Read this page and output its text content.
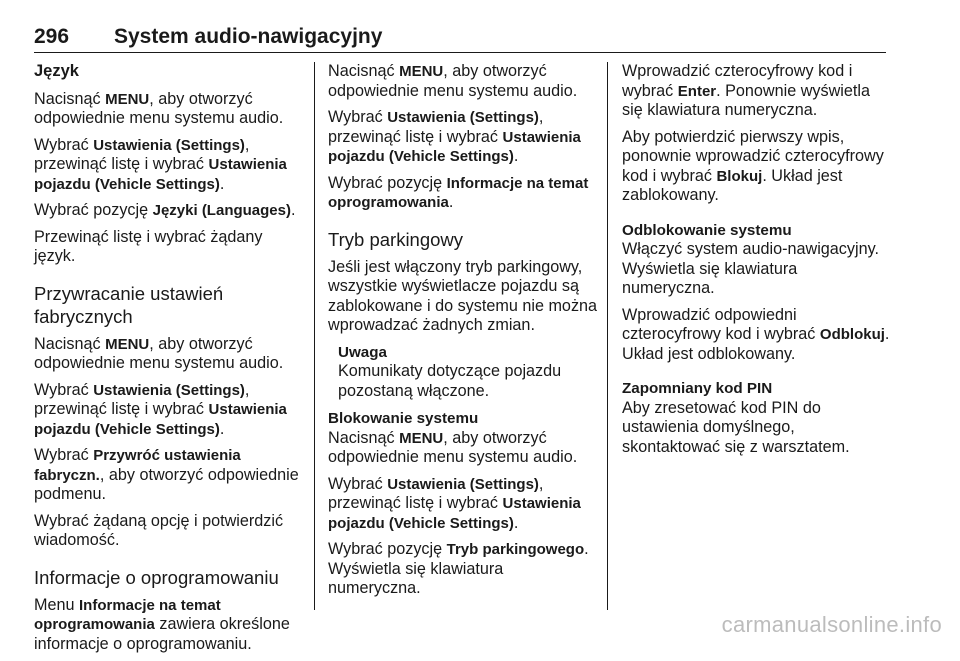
296 System audio-nawigacyjny
Język

Nacisnąć MENU, aby otworzyć odpowiednie menu systemu audio.

Wybrać Ustawienia (Settings), przewinąć listę i wybrać Ustawienia pojazdu (Vehicle Settings).

Wybrać pozycję Języki (Languages).

Przewinąć listę i wybrać żądany język.

Przywracanie ustawień fabrycznych

Nacisnąć MENU, aby otworzyć odpowiednie menu systemu audio.

Wybrać Ustawienia (Settings), przewinąć listę i wybrać Ustawienia pojazdu (Vehicle Settings).

Wybrać Przywróć ustawienia fabryczn., aby otworzyć odpowiednie podmenu.

Wybrać żądaną opcję i potwierdzić wiadomość.

Informacje o oprogramowaniu

Menu Informacje na temat oprogramowania zawiera określone informacje o oprogramowaniu.

Nacisnąć MENU, aby otworzyć odpowiednie menu systemu audio.

Wybrać Ustawienia (Settings), przewinąć listę i wybrać Ustawienia pojazdu (Vehicle Settings).

Wybrać pozycję Informacje na temat oprogramowania.

Tryb parkingowy

Jeśli jest włączony tryb parkingowy, wszystkie wyświetlacze pojazdu są zablokowane i do systemu nie można wprowadzać żadnych zmian.

Uwaga
Komunikaty dotyczące pojazdu pozostaną włączone.
Blokowanie systemu

Nacisnąć MENU, aby otworzyć odpowiednie menu systemu audio.

Wybrać Ustawienia (Settings), przewinąć listę i wybrać Ustawienia pojazdu (Vehicle Settings).

Wybrać pozycję Tryb parkingowego. Wyświetla się klawiatura numeryczna.

Wprowadzić czterocyfrowy kod i wybrać Enter. Ponownie wyświetla się klawiatura numeryczna.

Aby potwierdzić pierwszy wpis, ponownie wprowadzić czterocyfrowy kod i wybrać Blokuj. Układ jest zablokowany.

Odblokowanie systemu

Włączyć system audio-nawigacyjny. Wyświetla się klawiatura numeryczna.

Wprowadzić odpowiedni czterocyfrowy kod i wybrać Odblokuj. Układ jest odblokowany.

Zapomniany kod PIN

Aby zresetować kod PIN do ustawienia domyślnego, skontaktować się z warsztatem.

carmanualsonline.info
